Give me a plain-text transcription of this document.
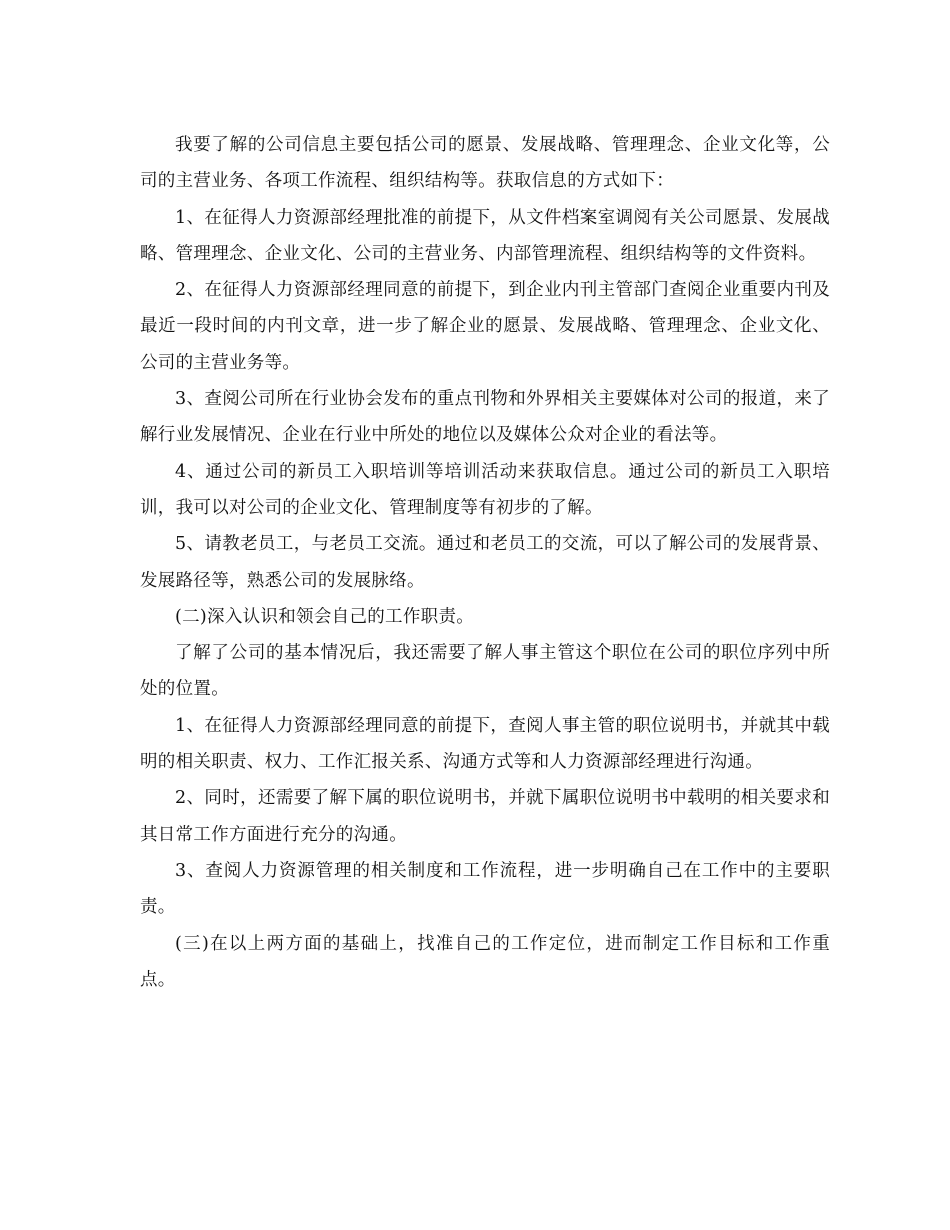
我要了解的公司信息主要包括公司的愿景、发展战略、管理理念、企业文化等，公司的主营业务、各项工作流程、组织结构等。获取信息的方式如下：

1、在征得人力资源部经理批准的前提下，从文件档案室调阅有关公司愿景、发展战略、管理理念、企业文化、公司的主营业务、内部管理流程、组织结构等的文件资料。

2、在征得人力资源部经理同意的前提下，到企业内刊主管部门查阅企业重要内刊及最近一段时间的内刊文章，进一步了解企业的愿景、发展战略、管理理念、企业文化、公司的主营业务等。

3、查阅公司所在行业协会发布的重点刊物和外界相关主要媒体对公司的报道，来了解行业发展情况、企业在行业中所处的地位以及媒体公众对企业的看法等。

4、通过公司的新员工入职培训等培训活动来获取信息。通过公司的新员工入职培训，我可以对公司的企业文化、管理制度等有初步的了解。

5、请教老员工，与老员工交流。通过和老员工的交流，可以了解公司的发展背景、发展路径等，熟悉公司的发展脉络。

(二)深入认识和领会自己的工作职责。

了解了公司的基本情况后，我还需要了解人事主管这个职位在公司的职位序列中所处的位置。

1、在征得人力资源部经理同意的前提下，查阅人事主管的职位说明书，并就其中载明的相关职责、权力、工作汇报关系、沟通方式等和人力资源部经理进行沟通。

2、同时，还需要了解下属的职位说明书，并就下属职位说明书中载明的相关要求和其日常工作方面进行充分的沟通。

3、查阅人力资源管理的相关制度和工作流程，进一步明确自己在工作中的主要职责。

(三)在以上两方面的基础上，找准自己的工作定位，进而制定工作目标和工作重点。
